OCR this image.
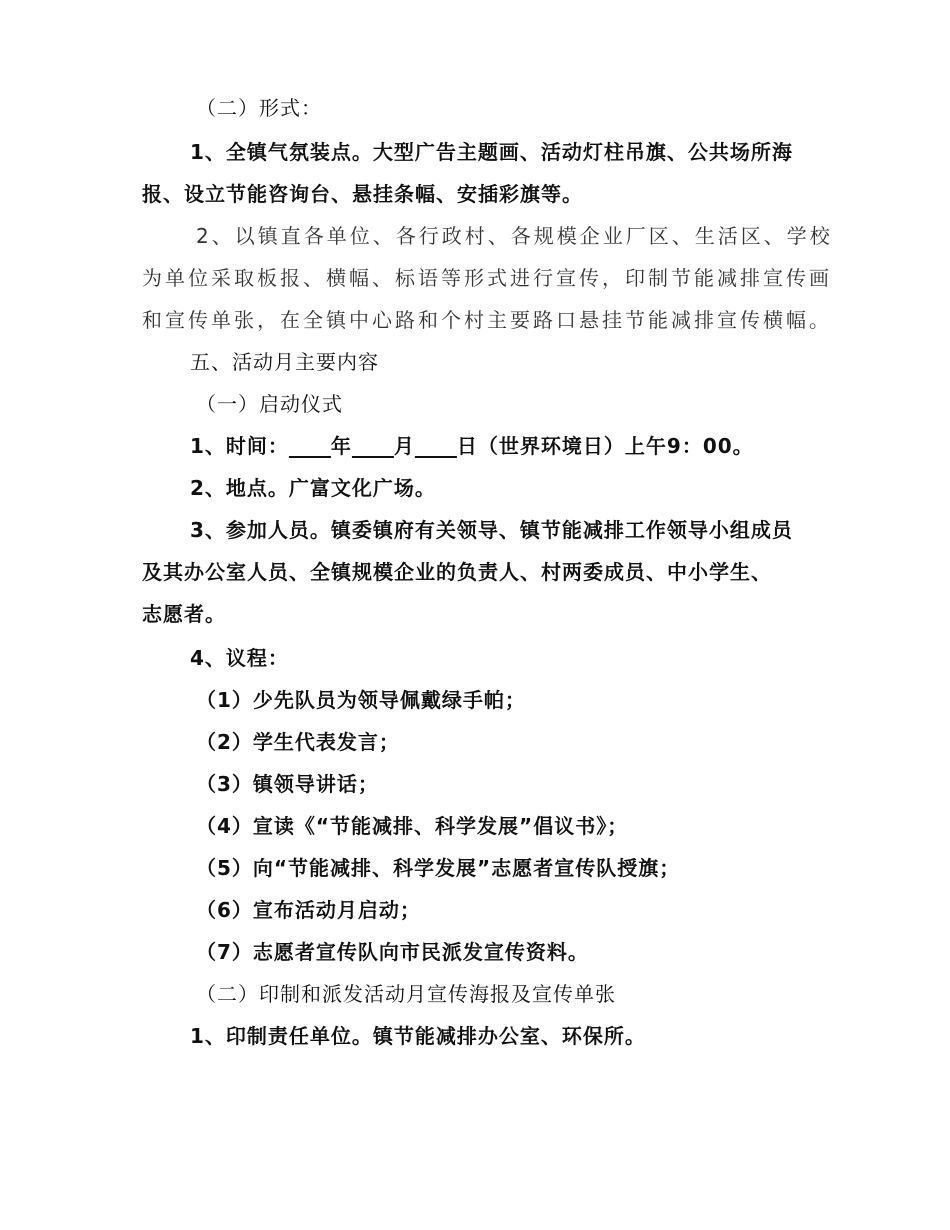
（二）形式：
1、全镇气氛装点。大型广告主题画、活动灯柱吊旗、公共场所海
报、设立节能咨询台、悬挂条幅、安插彩旗等。
2、以镇直各单位、各行政村、各规模企业厂区、生活区、学校
为单位采取板报、横幅、标语等形式进行宣传，印制节能减排宣传画
和宣传单张，在全镇中心路和个村主要路口悬挂节能减排宣传横幅。
五、活动月主要内容
（一）启动仪式
1、时间：　　 年　　 月　　 日（世界环境日）上午9：00。
2、地点。广富文化广场。
3、参加人员。镇委镇府有关领导、镇节能减排工作领导小组成员
及其办公室人员、全镇规模企业的负责人、村两委成员、中小学生、
志愿者。
4、议程：
（1）少先队员为领导佩戴绿手帕；
（2）学生代表发言；
（3）镇领导讲话；
（4）宣读《“节能减排、科学发展”倡议书》；
（5）向“节能减排、科学发展”志愿者宣传队授旗；
（6）宣布活动月启动；
（7）志愿者宣传队向市民派发宣传资料。
（二）印制和派发活动月宣传海报及宣传单张
1、印制责任单位。镇节能减排办公室、环保所。
